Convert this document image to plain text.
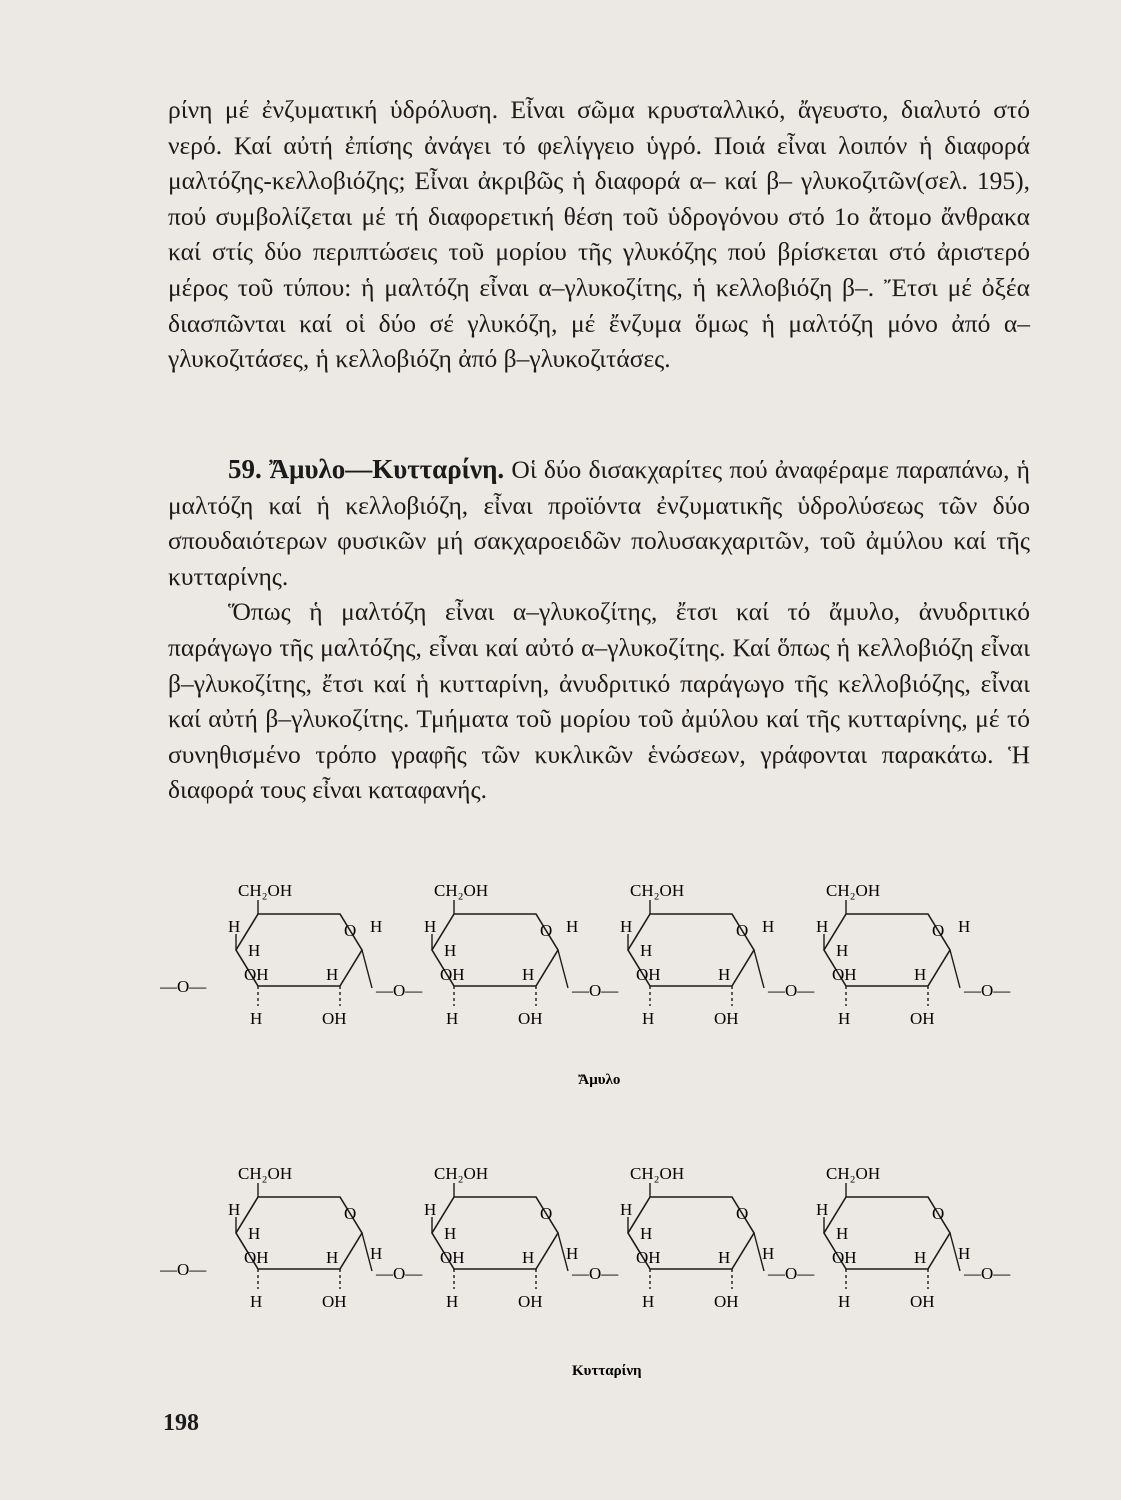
ρίνη μέ ἐνζυματική ὑδρόλυση. Εἶναι σῶμα κρυσταλλικό, ἄγευστο, διαλυτό στό νερό. Καί αὐτή ἐπίσης ἀνάγει τό φελίγγειο ὑγρό. Ποιά εἶναι λοιπόν ἡ διαφορά μαλτόζης-κελλοβιόζης; Εἶναι ἀκριβῶς ἡ διαφορά α– καί β– γλυκοζιτῶν(σελ. 195), πού συμβολίζεται μέ τή διαφορετική θέση τοῦ ὑδρογόνου στό 1ο ἄτομο ἄνθρακα καί στίς δύο περιπτώσεις τοῦ μορίου τῆς γλυκόζης πού βρίσκεται στό ἀριστερό μέρος τοῦ τύπου: ἡ μαλτόζη εἶναι α–γλυκοζίτης, ἡ κελλοβιόζη β–. Ἔτσι μέ ὀξέα διασπῶνται καί οἱ δύο σέ γλυκόζη, μέ ἔνζυμα ὅμως ἡ μαλτόζη μόνο ἀπό α–γλυκοζιτάσες, ἡ κελλοβιόζη ἀπό β–γλυκοζιτάσες.

59. Ἄμυλο—Κυτταρίνη. Οἱ δύο δισακχαρίτες πού ἀναφέραμε παραπάνω, ἡ μαλτόζη καί ἡ κελλοβιόζη, εἶναι προϊόντα ἐνζυματικῆς ὑδρολύσεως τῶν δύο σπουδαιότερων φυσικῶν μή σακχαροειδῶν πολυσακχαριτῶν, τοῦ ἀμύλου καί τῆς κυτταρίνης.

Ὅπως ἡ μαλτόζη εἶναι α–γλυκοζίτης, ἔτσι καί τό ἄμυλο, ἀνυδριτικό παράγωγο τῆς μαλτόζης, εἶναι καί αὐτό α–γλυκοζίτης. Καί ὅπως ἡ κελλοβιόζη εἶναι β–γλυκοζίτης, ἔτσι καί ἡ κυτταρίνη, ἀνυδριτικό παράγωγο τῆς κελλοβιόζης, εἶναι καί αὐτή β–γλυκοζίτης. Τμήματα τοῦ μορίου τοῦ ἀμύλου καί τῆς κυτταρίνης, μέ τό συνηθισμένο τρόπο γραφῆς τῶν κυκλικῶν ἑνώσεων, γράφονται παρακάτω. Ἡ διαφορά τους εἶναι καταφανής.

Ἄμυλο
—O—
O
CH₂OH
H
H
OH	H
H	OH
H
—O—
O
CH₂OH
H
H
OH	H
H	OH
H
—O—
O
CH₂OH
H
H
OH	H
H	OH
H
—O—
O
CH₂OH
H
H
OH	H
H	OH
H
—O—
Κυτταρίνη
—O—
O
CH₂OH
H
H
OH	H
H	OH
H
—O—
O
CH₂OH
H
H
OH	H
H	OH
H
—O—
O
CH₂OH
H
H
OH	H
H	OH
H
—O—
O
CH₂OH
H
H
OH	H
H	OH
H
—O—
198
